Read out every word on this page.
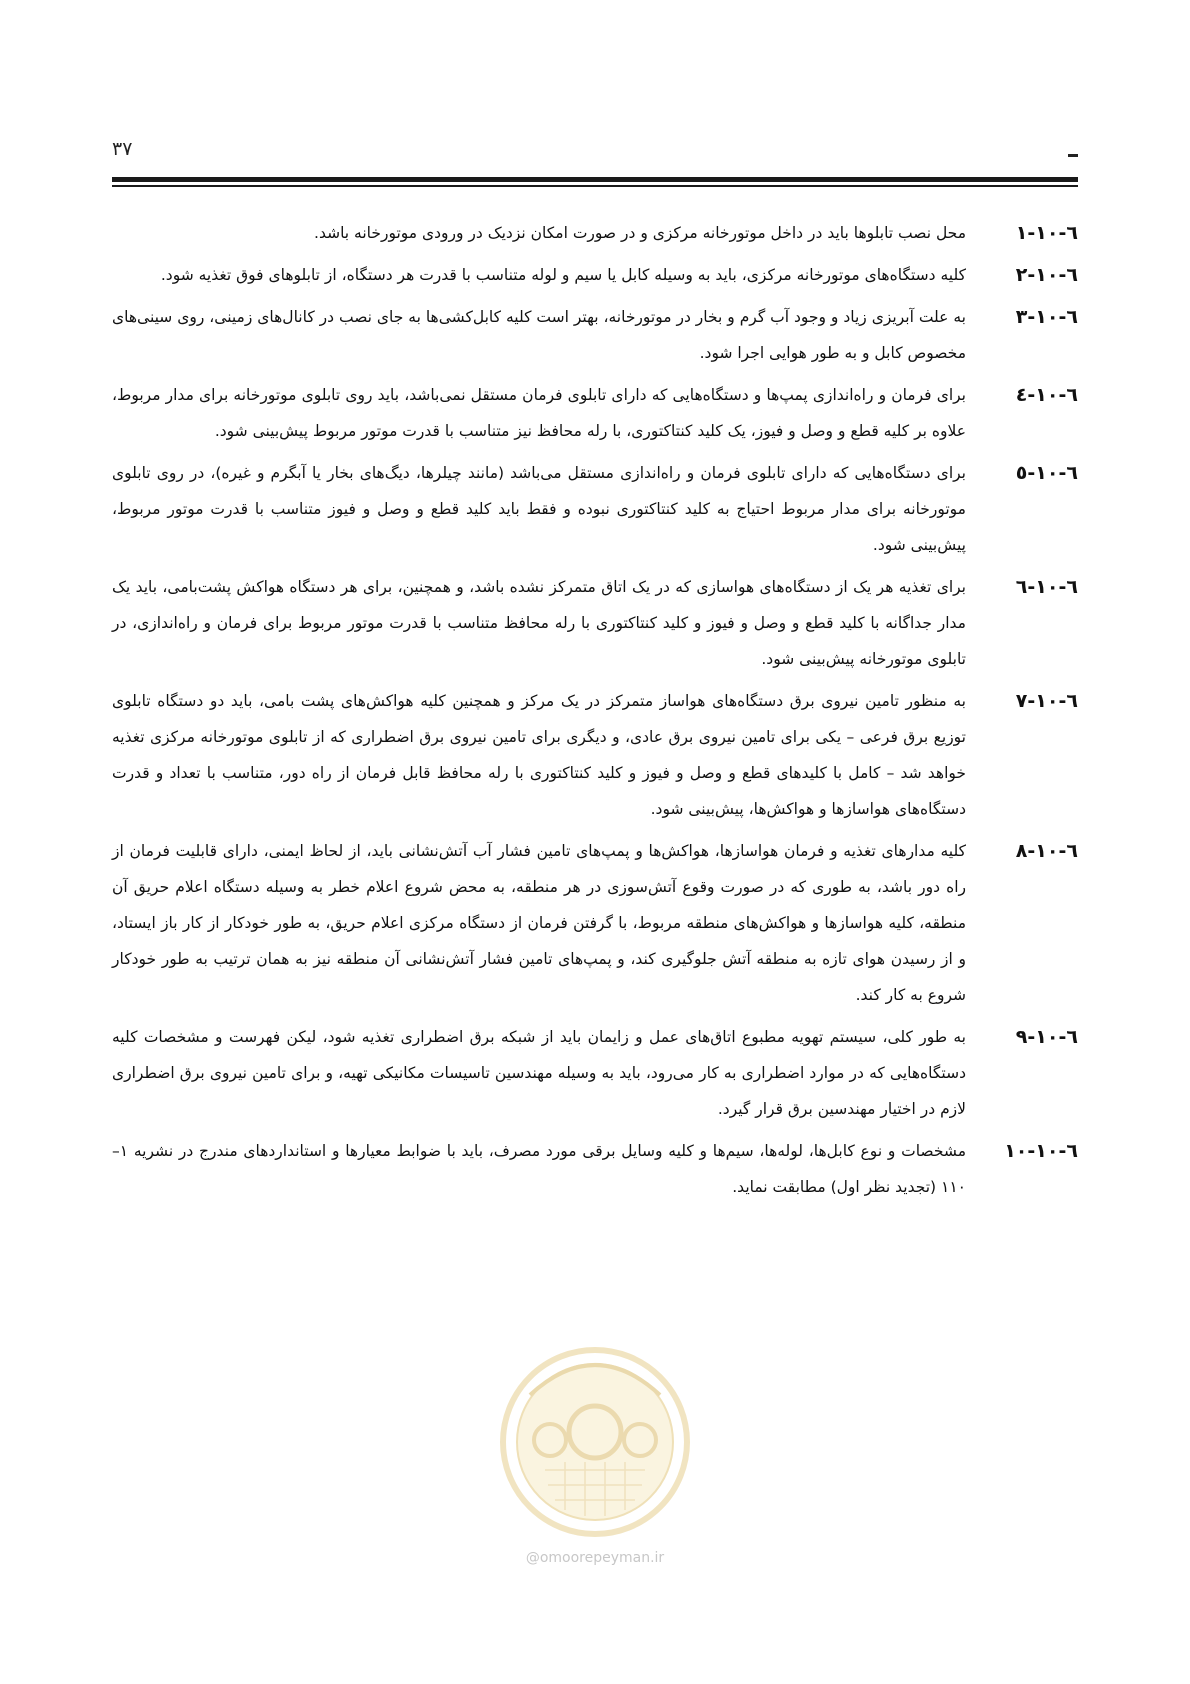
۳۷
٦-١٠-١
محل نصب تابلوها باید در داخل موتورخانه مرکزی و در صورت امکان نزدیک در ورودی موتورخانه باشد.
٦-١٠-٢
کلیه دستگاه‌های موتورخانه مرکزی، باید به وسیله کابل یا سیم و لوله متناسب با قدرت هر دستگاه، از تابلوهای فوق تغذیه شود.
٦-١٠-٣
به علت آبریزی زیاد و وجود آب گرم و بخار در موتورخانه، بهتر است کلیه کابل‌کشی‌ها به جای نصب در کانال‌های زمینی، روی سینی‌های مخصوص کابل و به طور هوایی اجرا شود.
٦-١٠-٤
برای فرمان و راه‌اندازی پمپ‌ها و دستگاه‌هایی که دارای تابلوی فرمان مستقل نمی‌باشد، باید روی تابلوی موتورخانه برای مدار مربوط، علاوه بر کلیه قطع و وصل و فیوز، یک کلید کنتاکتوری، با رله محافظ نیز متناسب با قدرت موتور مربوط پیش‌بینی شود.
٦-١٠-٥
برای دستگاه‌هایی که دارای تابلوی فرمان و راه‌اندازی مستقل می‌باشد (مانند چیلرها، دیگ‌های بخار یا آبگرم و غیره)، در روی تابلوی موتورخانه برای مدار مربوط احتیاج به کلید کنتاکتوری نبوده و فقط باید کلید قطع و وصل و فیوز متناسب با قدرت موتور مربوط، پیش‌بینی شود.
٦-١٠-٦
برای تغذیه هر یک از دستگاه‌های هواسازی که در یک اتاق متمرکز نشده باشد، و همچنین، برای هر دستگاه هواکش پشت‌بامی، باید یک مدار جداگانه با کلید قطع و وصل و فیوز و کلید کنتاکتوری با رله محافظ متناسب با قدرت موتور مربوط برای فرمان و راه‌اندازی، در تابلوی موتورخانه پیش‌بینی شود.
٦-١٠-٧
به منظور تامین نیروی برق دستگاه‌های هواساز متمرکز در یک مرکز و همچنین کلیه هواکش‌های پشت بامی، باید دو دستگاه تابلوی توزیع برق فرعی – یکی برای تامین نیروی برق عادی، و دیگری برای تامین نیروی برق اضطراری که از تابلوی موتورخانه مرکزی تغذیه خواهد شد – کامل با کلیدهای قطع و وصل و فیوز و کلید کنتاکتوری با رله محافظ قابل فرمان از راه دور، متناسب با تعداد و قدرت دستگاه‌های هواسازها و هواکش‌ها، پیش‌بینی شود.
٦-١٠-٨
کلیه مدارهای تغذیه و فرمان هواسازها، هواکش‌ها و پمپ‌های تامین فشار آب آتش‌نشانی باید، از لحاظ ایمنی، دارای قابلیت فرمان از راه دور باشد، به طوری که در صورت وقوع آتش‌سوزی در هر منطقه، به محض شروع اعلام خطر به وسیله دستگاه اعلام حریق آن منطقه، کلیه هواسازها و هواکش‌های منطقه مربوط، با گرفتن فرمان از دستگاه مرکزی اعلام حریق، به طور خودکار از کار باز ایستاد، و از رسیدن هوای تازه به منطقه آتش جلوگیری کند، و پمپ‌های تامین فشار آتش‌نشانی آن منطقه نیز به همان ترتیب به طور خودکار شروع به کار کند.
٦-١٠-٩
به طور کلی، سیستم تهویه مطبوع اتاق‌های عمل و زایمان باید از شبکه برق اضطراری تغذیه شود، لیکن فهرست و مشخصات کلیه دستگاه‌هایی که در موارد اضطراری به کار می‌رود، باید به وسیله مهندسین تاسیسات مکانیکی تهیه، و برای تامین نیروی برق اضطراری لازم در اختیار مهندسین برق قرار گیرد.
٦-١٠-١٠
مشخصات و نوع کابل‌ها، لوله‌ها، سیم‌ها و کلیه وسایل برقی مورد مصرف، باید با ضوابط معیارها و استانداردهای مندرج در نشریه ۱–۱۱۰ (تجدید نظر اول) مطابقت نماید.
@omoorepeyman.ir
